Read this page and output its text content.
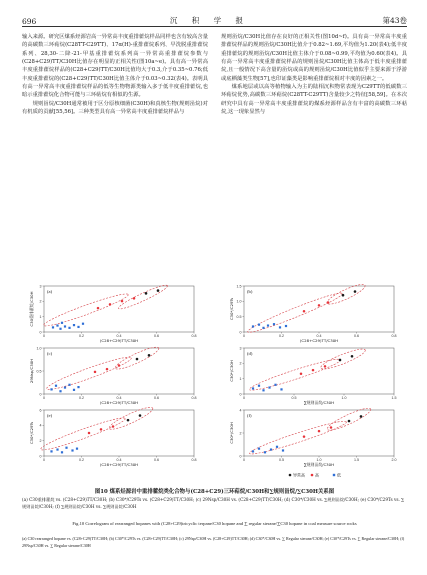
696	沉 积 学 报	第43卷

输入来源。研究区煤系烃源岩高一异常高丰度重排藿烷样品同样也含有较高含量的高碳数三环萜烷(C28TT-C29TT)、17α(H)-重排藿烷系列、早洗脱重排藿烷系列、28,30-二降-21-甲基重排藿烷系列高一异常高重排藿烷参数与(C28+C29)TT/C30H比值存在明显的正相关性(图10a~e)。具有高一异常高丰度重排藿烷样品的(C28+C29)TT/C30H比值均大于0.3,介于0.35~0.76;低丰度重排藿烷的(C28+C29)TT/C30H比值主体介于0.03~0.32(表4)。表明具有高一异常高丰度重排藿烷样品的低等生物物源类输入多于低丰度重排藿烷,也暗示重排藿烷化合物可能与三环萜烷有相似的生源。

规则甾烷/C30H通常被用于区分原核细菌(C30H)和真核生物(规则甾烷)对有机质的贡献[55,56]。三种类型具有高一异常高丰度重排藿烷样品与

规则甾烷/C30H比值存在良好的正相关性(图10d~f)。具有高一异常高丰度重排藿烷样品的规则甾烷/C30H比值介于0.82~1.69,平均值为1.20(表4);低丰度重排藿烷的规则甾烷/C30H比值主体介于0.08~0.99,平均值为0.60(表4)。具有高一异常高丰度重排藿烷样品的规则甾烷/C30H比值主体高于低丰度重排藿烷,且一般情况下高含量的甾烷或高的规则甾烷/C30H比值似乎主要来源于浮游或底栖藻类生物[57],也印证藻类是影响重排藿烷相对丰度的因素之一。

煤系地层或以高等植物输入为主的陆相沉积物常表现为C29TT的低碳数三环萜烷优势,高碳数三环萜烷(C28TT-C29TT)含量较少之特征[58,59]。在本次研究中具有高一异常高丰度重排藿烷的煤系烃源样品含有丰富的高碳数三环萜烷,这一现象显然与

(a)
0
1
2
3
0	0.2	0.4	0.6	0.8
(C28+C29)TT/C30H
C30重排藿烷/C30H	(b)
0
0.5
1.0
1.5
0	0.2	0.4	0.6	0.8
(C28+C29)TT/C30H
C30*/C29Ts
(c)
0
0.5
1.0
0	0.2	0.4	0.6	0.8
(C28+C29)TT/C30H
29Nsp/C30H
(d)
0
1
2
3
0	0.5	1.0	1.5
∑规则甾烷/C30H
C30*/C30H
(e)
0
2
4
6
0	0.2	0.4	0.6	0.8
(C28+C29)TT/C30H
C30*/C29Ts
(f)
0
2
4
0	0.5	1.0	1.5	2.0
∑规则甾烷/C30H
C30*/C30H
异常高	高	低
图10 煤系烃源岩中重排藿烷类化合物与(C28+C29)三环萜烷/C30H和∑规则甾烷/∑C30H关系图
(a) C30重排藿烷 vs. (C28+C29)TT/C30H; (b) C30*/C29Ts vs. (C28+C29)TT/C30H; (c) 29Nsp/C30H vs. (C28+C29)TT/C30H; (d) C30*/C30H vs. ∑规则甾烷/C30H; (e) C30*/C29Ts vs. ∑规则甾烷/C30H; (f) ∑规则甾烷/C30H vs. ∑规则甾烷/C30H
Fig.10 Correlogram of rearranged hopanes with (C28+C29)tricyclic terpane/C30 hopane and ∑ regular sterane/∑C30 hopane in coal measure source rocks
(a) C30 rearranged hopane vs. (C28+C29)TT/C30H; (b) C30*/C29Ts vs. (C28+C29)TT/C30H; (c) 29Nsp/C30H vs. (C28+C29)TT/C30H; (d) C30*/C30H vs. ∑ Regular sterane/C30H; (e) C30*/C29Ts vs. ∑ Regular sterane/C30H; (f) 29Nsp/C30H vs. ∑ Regular sterane/C30H
